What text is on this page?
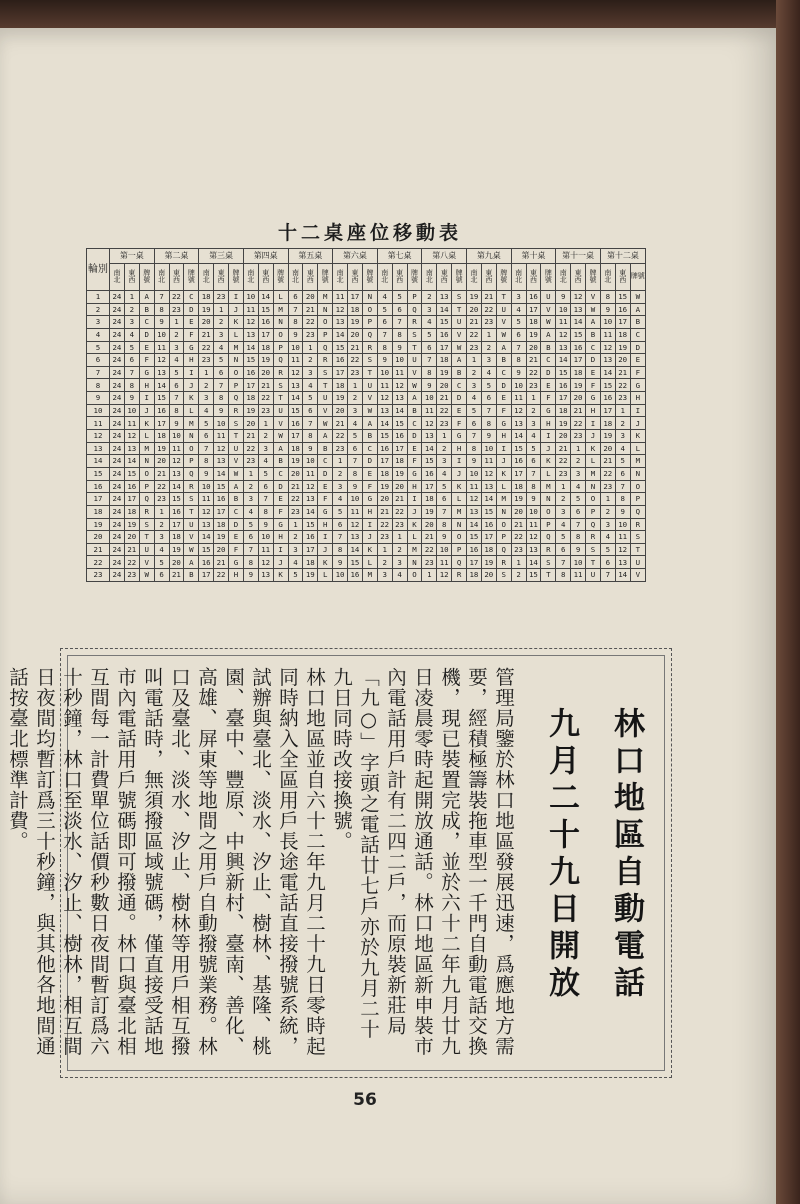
十二桌座位移動表
輪別	第一桌			第二桌			第三桌			第四桌			第五桌			第六桌			第七桌			第八桌			第九桌			第十桌			第十一桌			第十二桌		
	南北	東西	牌號	南北	東西	牌號	南北	東西	牌號	南北	東西	牌號	南北	東西	牌號	南北	東西	牌號	南北	東西	牌號	南北	東西	牌號	南北	東西	牌號	南北	東西	牌號	南北	東西	牌號	南北	東西	牌號
1	24	1	A	7	22	C	18	23	I	10	14	L	6	20	M	11	17	N	4	5	P	2	13	S	19	21	T	3	16	U	9	12	V	8	15	W
2	24	2	B	8	23	D	19	1	J	11	15	M	7	21	N	12	18	O	5	6	Q	3	14	T	20	22	U	4	17	V	10	13	W	9	16	A
3	24	3	C	9	1	E	20	2	K	12	16	N	8	22	O	13	19	P	6	7	R	4	15	U	21	23	V	5	18	W	11	14	A	10	17	B
4	24	4	D	10	2	F	21	3	L	13	17	O	9	23	P	14	20	Q	7	8	S	5	16	V	22	1	W	6	19	A	12	15	B	11	18	C
5	24	5	E	11	3	G	22	4	M	14	18	P	10	1	Q	15	21	R	8	9	T	6	17	W	23	2	A	7	20	B	13	16	C	12	19	D
6	24	6	F	12	4	H	23	5	N	15	19	Q	11	2	R	16	22	S	9	10	U	7	18	A	1	3	B	8	21	C	14	17	D	13	20	E
7	24	7	G	13	5	I	1	6	O	16	20	R	12	3	S	17	23	T	10	11	V	8	19	B	2	4	C	9	22	D	15	18	E	14	21	F
8	24	8	H	14	6	J	2	7	P	17	21	S	13	4	T	18	1	U	11	12	W	9	20	C	3	5	D	10	23	E	16	19	F	15	22	G
9	24	9	I	15	7	K	3	8	Q	18	22	T	14	5	U	19	2	V	12	13	A	10	21	D	4	6	E	11	1	F	17	20	G	16	23	H
10	24	10	J	16	8	L	4	9	R	19	23	U	15	6	V	20	3	W	13	14	B	11	22	E	5	7	F	12	2	G	18	21	H	17	1	I
11	24	11	K	17	9	M	5	10	S	20	1	V	16	7	W	21	4	A	14	15	C	12	23	F	6	8	G	13	3	H	19	22	I	18	2	J
12	24	12	L	18	10	N	6	11	T	21	2	W	17	8	A	22	5	B	15	16	D	13	1	G	7	9	H	14	4	I	20	23	J	19	3	K
13	24	13	M	19	11	O	7	12	U	22	3	A	18	9	B	23	6	C	16	17	E	14	2	H	8	10	I	15	5	J	21	1	K	20	4	L
14	24	14	N	20	12	P	8	13	V	23	4	B	19	10	C	1	7	D	17	18	F	15	3	I	9	11	J	16	6	K	22	2	L	21	5	M
15	24	15	O	21	13	Q	9	14	W	1	5	C	20	11	D	2	8	E	18	19	G	16	4	J	10	12	K	17	7	L	23	3	M	22	6	N
16	24	16	P	22	14	R	10	15	A	2	6	D	21	12	E	3	9	F	19	20	H	17	5	K	11	13	L	18	8	M	1	4	N	23	7	O
17	24	17	Q	23	15	S	11	16	B	3	7	E	22	13	F	4	10	G	20	21	I	18	6	L	12	14	M	19	9	N	2	5	O	1	8	P
18	24	18	R	1	16	T	12	17	C	4	8	F	23	14	G	5	11	H	21	22	J	19	7	M	13	15	N	20	10	O	3	6	P	2	9	Q
19	24	19	S	2	17	U	13	18	D	5	9	G	1	15	H	6	12	I	22	23	K	20	8	N	14	16	O	21	11	P	4	7	Q	3	10	R
20	24	20	T	3	18	V	14	19	E	6	10	H	2	16	I	7	13	J	23	1	L	21	9	O	15	17	P	22	12	Q	5	8	R	4	11	S
21	24	21	U	4	19	W	15	20	F	7	11	I	3	17	J	8	14	K	1	2	M	22	10	P	16	18	Q	23	13	R	6	9	S	5	12	T
22	24	22	V	5	20	A	16	21	G	8	12	J	4	18	K	9	15	L	2	3	N	23	11	Q	17	19	R	1	14	S	7	10	T	6	13	U
23	24	23	W	6	21	B	17	22	H	9	13	K	5	19	L	10	16	M	3	4	O	1	12	R	18	20	S	2	15	T	8	11	U	7	14	V
林口地區自動電話
九月二十九日開放
管理局鑒於林口地區發展迅速，爲應地方需要，經積極籌裝拖車型一千門自動電話交換機，現已裝置完成，並於六十二年九月廿九日凌晨零時起開放通話。林口地區新申裝市內電話用戶計有二四二戶，而原裝新莊局「九○」字頭之電話廿七戶亦於九月二十九日同時改接換號。
林口地區並自六十二年九月二十九日零時起同時納入全區用戶長途電話直接撥號系統，試辦與臺北、淡水、汐止、樹林、基隆、桃園、臺中、豐原、中興新村、臺南、善化、高雄、屏東等地間之用戶自動撥號業務。林口及臺北、淡水、汐止、樹林等用戶相互撥叫電話時，無須撥區域號碼，僅直接受話地市內電話用戶號碼即可撥通。林口與臺北相互間每一計費單位話價秒數日夜間暫訂爲六十秒鐘，林口至淡水、汐止、樹林，相互間日夜間均暫訂爲三十秒鐘，與其他各地間通話按臺北標準計費。
56
